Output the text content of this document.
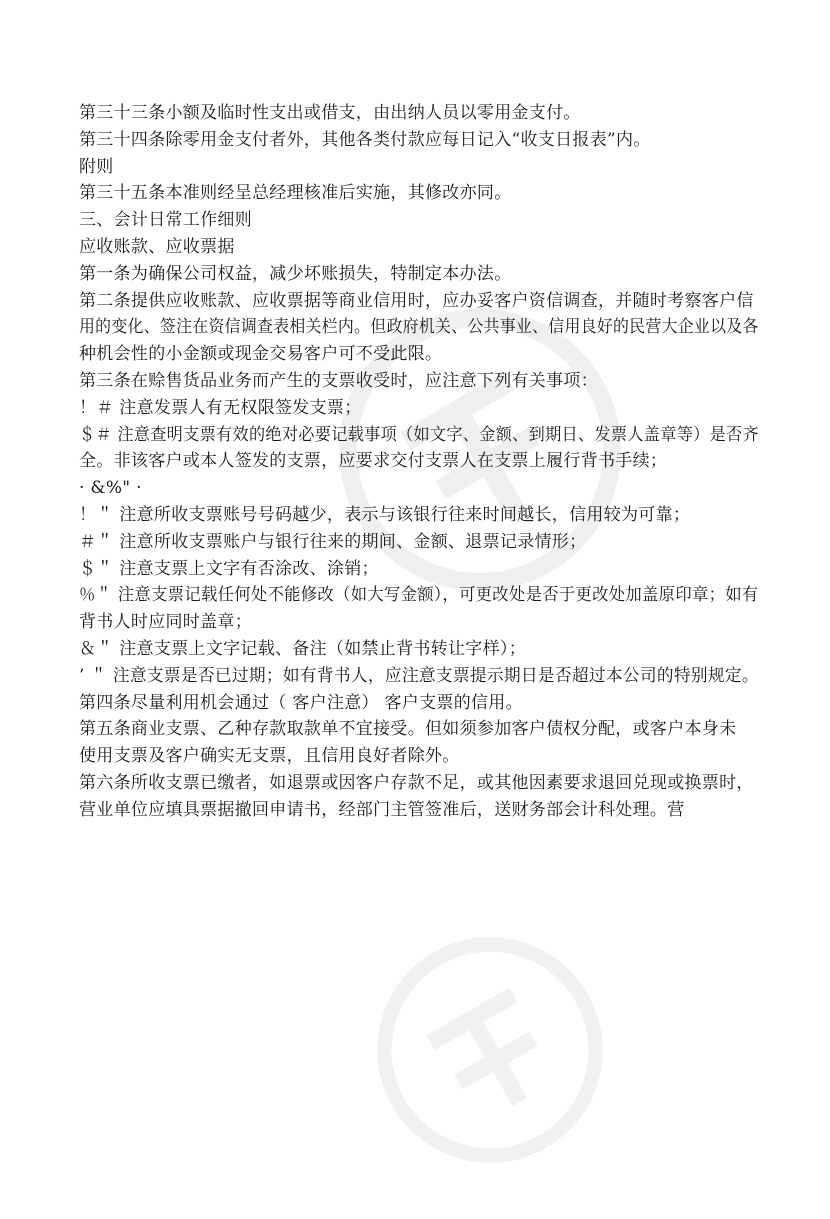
第三十三条小额及临时性支出或借支，由出纳人员以零用金支付。
第三十四条除零用金支付者外，其他各类付款应每日记入“收支日报表”内。
附则
第三十五条本准则经呈总经理核准后实施，其修改亦同。
三、会计日常工作细则
应收账款、应收票据
第一条为确保公司权益，减少坏账损失，特制定本办法。
第二条提供应收账款、应收票据等商业信用时，应办妥客户资信调查，并随时考察客户信
用的变化、签注在资信调查表相关栏内。但政府机关、公共事业、信用良好的民营大企业以及各
种机会性的小金额或现金交易客户可不受此限。
第三条在赊售货品业务而产生的支票收受时，应注意下列有关事项：
！＃ 注意发票人有无权限签发支票；
＄＃ 注意查明支票有效的绝对必要记载事项（如文字、金额、到期日、发票人盖章等）是否齐
全。非该客户或本人签发的支票，应要求交付支票人在支票上履行背书手续；
· &%" ·
！＂ 注意所收支票账号号码越少，表示与该银行往来时间越长，信用较为可靠；
＃＂ 注意所收支票账户与银行往来的期间、金额、退票记录情形；
＄＂ 注意支票上文字有否涂改、涂销；
％＂ 注意支票记载任何处不能修改（如大写金额），可更改处是否于更改处加盖原印章；如有
背书人时应同时盖章；
＆＂ 注意支票上文字记载、备注（如禁止背书转让字样）；
’ ＂ 注意支票是否已过期；如有背书人，应注意支票提示期日是否超过本公司的特别规定。
第四条尽量利用机会通过（ 客户注意） 客户支票的信用。
第五条商业支票、乙种存款取款单不宜接受。但如须参加客户债权分配，或客户本身未
使用支票及客户确实无支票，且信用良好者除外。
第六条所收支票已缴者，如退票或因客户存款不足，或其他因素要求退回兑现或换票时，
营业单位应填具票据撤回申请书，经部门主管签准后，送财务部会计科处理。营
